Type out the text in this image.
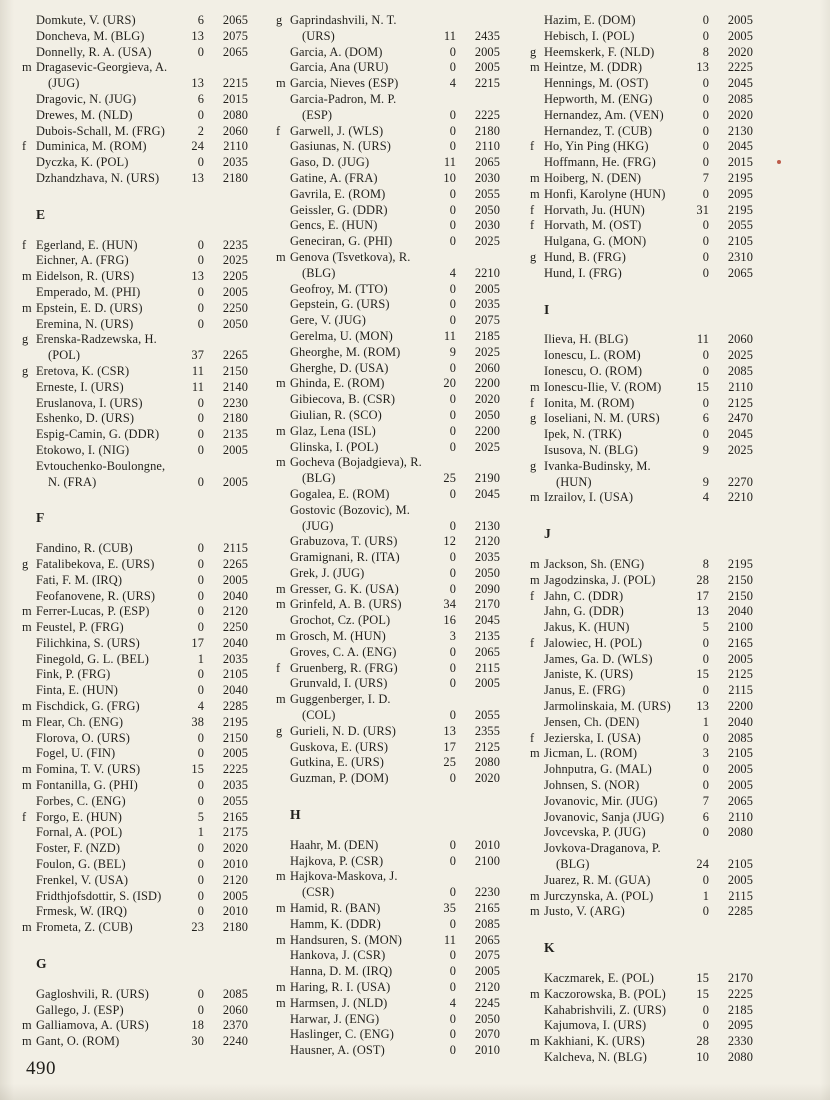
Domkute, V. (URS)	6	2065
Doncheva, M. (BLG)	13	2075
Donnelly, R. A. (USA)	0	2065
m Dragasevic-Georgieva, A.
(JUG)	13	2215
Dragovic, N. (JUG)	6	2015
Drewes, M. (NLD)	0	2080
Dubois-Schall, M. (FRG)	2	2060
f Duminica, M. (ROM)	24	2110
Dyczka, K. (POL)	0	2035
Dzhandzhava, N. (URS)	13	2180
E
f Egerland, E. (HUN)	0	2235
Eichner, A. (FRG)	0	2025
m Eidelson, R. (URS)	13	2205
Emperado, M. (PHI)	0	2005
m Epstein, E. D. (URS)	0	2250
Eremina, N. (URS)	0	2050
g Erenska-Radzewska, H.
(POL)	37	2265
g Eretova, K. (CSR)	11	2150
Erneste, I. (URS)	11	2140
Eruslanova, I. (URS)	0	2230
Eshenko, D. (URS)	0	2180
Espig-Camin, G. (DDR)	0	2135
Etokowo, I. (NIG)	0	2005
Evtouchenko-Boulongne,
N. (FRA)	0	2005
F
Fandino, R. (CUB)	0	2115
g Fatalibekova, E. (URS)	0	2265
Fati, F. M. (IRQ)	0	2005
Feofanovene, R. (URS)	0	2040
m Ferrer-Lucas, P. (ESP)	0	2120
m Feustel, P. (FRG)	0	2250
Filichkina, S. (URS)	17	2040
Finegold, G. L. (BEL)	1	2035
Fink, P. (FRG)	0	2105
Finta, E. (HUN)	0	2040
m Fischdick, G. (FRG)	4	2285
m Flear, Ch. (ENG)	38	2195
Florova, O. (URS)	0	2150
Fogel, U. (FIN)	0	2005
m Fomina, T. V. (URS)	15	2225
m Fontanilla, G. (PHI)	0	2035
Forbes, C. (ENG)	0	2055
f Forgo, E. (HUN)	5	2165
Fornal, A. (POL)	1	2175
Foster, F. (NZD)	0	2020
Foulon, G. (BEL)	0	2010
Frenkel, V. (USA)	0	2120
Fridthjofsdottir, S. (ISD)	0	2005
Frmesk, W. (IRQ)	0	2010
m Frometa, Z. (CUB)	23	2180
G
Gagloshvili, R. (URS)	0	2085
Gallego, J. (ESP)	0	2060
m Galliamova, A. (URS)	18	2370
m Gant, O. (ROM)	30	2240
g Gaprindashvili, N. T.
(URS)	11	2435
Garcia, A. (DOM)	0	2005
Garcia, Ana (URU)	0	2005
m Garcia, Nieves (ESP)	4	2215
Garcia-Padron, M. P.
(ESP)	0	2225
f Garwell, J. (WLS)	0	2180
Gasiunas, N. (URS)	0	2110
Gaso, D. (JUG)	11	2065
Gatine, A. (FRA)	10	2030
Gavrila, E. (ROM)	0	2055
Geissler, G. (DDR)	0	2050
Gencs, E. (HUN)	0	2030
Geneciran, G. (PHI)	0	2025
m Genova (Tsvetkova), R.
(BLG)	4	2210
Geofroy, M. (TTO)	0	2005
Gepstein, G. (URS)	0	2035
Gere, V. (JUG)	0	2075
Gerelma, U. (MON)	11	2185
Gheorghe, M. (ROM)	9	2025
Gherghe, D. (USA)	0	2060
m Ghinda, E. (ROM)	20	2200
Gibiecova, B. (CSR)	0	2020
Giulian, R. (SCO)	0	2050
m Glaz, Lena (ISL)	0	2200
Glinska, I. (POL)	0	2025
m Gocheva (Bojadgieva), R.
(BLG)	25	2190
Gogalea, E. (ROM)	0	2045
Gostovic (Bozovic), M.
(JUG)	0	2130
Grabuzova, T. (URS)	12	2120
Gramignani, R. (ITA)	0	2035
Grek, J. (JUG)	0	2050
m Gresser, G. K. (USA)	0	2090
m Grinfeld, A. B. (URS)	34	2170
Grochot, Cz. (POL)	16	2045
m Grosch, M. (HUN)	3	2135
Groves, C. A. (ENG)	0	2065
f Gruenberg, R. (FRG)	0	2115
Grunvald, I. (URS)	0	2005
m Guggenberger, I. D.
(COL)	0	2055
g Gurieli, N. D. (URS)	13	2355
Guskova, E. (URS)	17	2125
Gutkina, E. (URS)	25	2080
Guzman, P. (DOM)	0	2020
H
Haahr, M. (DEN)	0	2010
Hajkova, P. (CSR)	0	2100
m Hajkova-Maskova, J.
(CSR)	0	2230
m Hamid, R. (BAN)	35	2165
Hamm, K. (DDR)	0	2085
m Handsuren, S. (MON)	11	2065
Hankova, J. (CSR)	0	2075
Hanna, D. M. (IRQ)	0	2005
m Haring, R. I. (USA)	0	2120
m Harmsen, J. (NLD)	4	2245
Harwar, J. (ENG)	0	2050
Haslinger, C. (ENG)	0	2070
Hausner, A. (OST)	0	2010
Hazim, E. (DOM)	0	2005
Hebisch, I. (POL)	0	2005
g Heemskerk, F. (NLD)	8	2020
m Heintze, M. (DDR)	13	2225
Hennings, M. (OST)	0	2045
Hepworth, M. (ENG)	0	2085
Hernandez, Am. (VEN)	0	2020
Hernandez, T. (CUB)	0	2130
f Ho, Yin Ping (HKG)	0	2045
Hoffmann, He. (FRG)	0	2015
m Hoiberg, N. (DEN)	7	2195
m Honfi, Karolyne (HUN)	0	2095
f Horvath, Ju. (HUN)	31	2195
f Horvath, M. (OST)	0	2055
Hulgana, G. (MON)	0	2105
g Hund, B. (FRG)	0	2310
Hund, I. (FRG)	0	2065
I
Ilieva, H. (BLG)	11	2060
Ionescu, L. (ROM)	0	2025
Ionescu, O. (ROM)	0	2085
m Ionescu-Ilie, V. (ROM)	15	2110
f Ionita, M. (ROM)	0	2125
g Ioseliani, N. M. (URS)	6	2470
Ipek, N. (TRK)	0	2045
Isusova, N. (BLG)	9	2025
g Ivanka-Budinsky, M.
(HUN)	9	2270
m Izrailov, I. (USA)	4	2210
J
m Jackson, Sh. (ENG)	8	2195
m Jagodzinska, J. (POL)	28	2150
f Jahn, C. (DDR)	17	2150
Jahn, G. (DDR)	13	2040
Jakus, K. (HUN)	5	2100
f Jalowiec, H. (POL)	0	2165
James, Ga. D. (WLS)	0	2005
Janiste, K. (URS)	15	2125
Janus, E. (FRG)	0	2115
Jarmolinskaia, M. (URS)	13	2200
Jensen, Ch. (DEN)	1	2040
f Jezierska, I. (USA)	0	2085
m Jicman, L. (ROM)	3	2105
Johnputra, G. (MAL)	0	2005
Johnsen, S. (NOR)	0	2005
Jovanovic, Mir. (JUG)	7	2065
Jovanovic, Sanja (JUG)	6	2110
Jovcevska, P. (JUG)	0	2080
Jovkova-Draganova, P.
(BLG)	24	2105
Juarez, R. M. (GUA)	0	2005
m Jurczynska, A. (POL)	1	2115
m Justo, V. (ARG)	0	2285
K
Kaczmarek, E. (POL)	15	2170
m Kaczorowska, B. (POL)	15	2225
Kahabrishvili, Z. (URS)	0	2185
Kajumova, I. (URS)	0	2095
m Kakhiani, K. (URS)	28	2330
Kalcheva, N. (BLG)	10	2080
490
